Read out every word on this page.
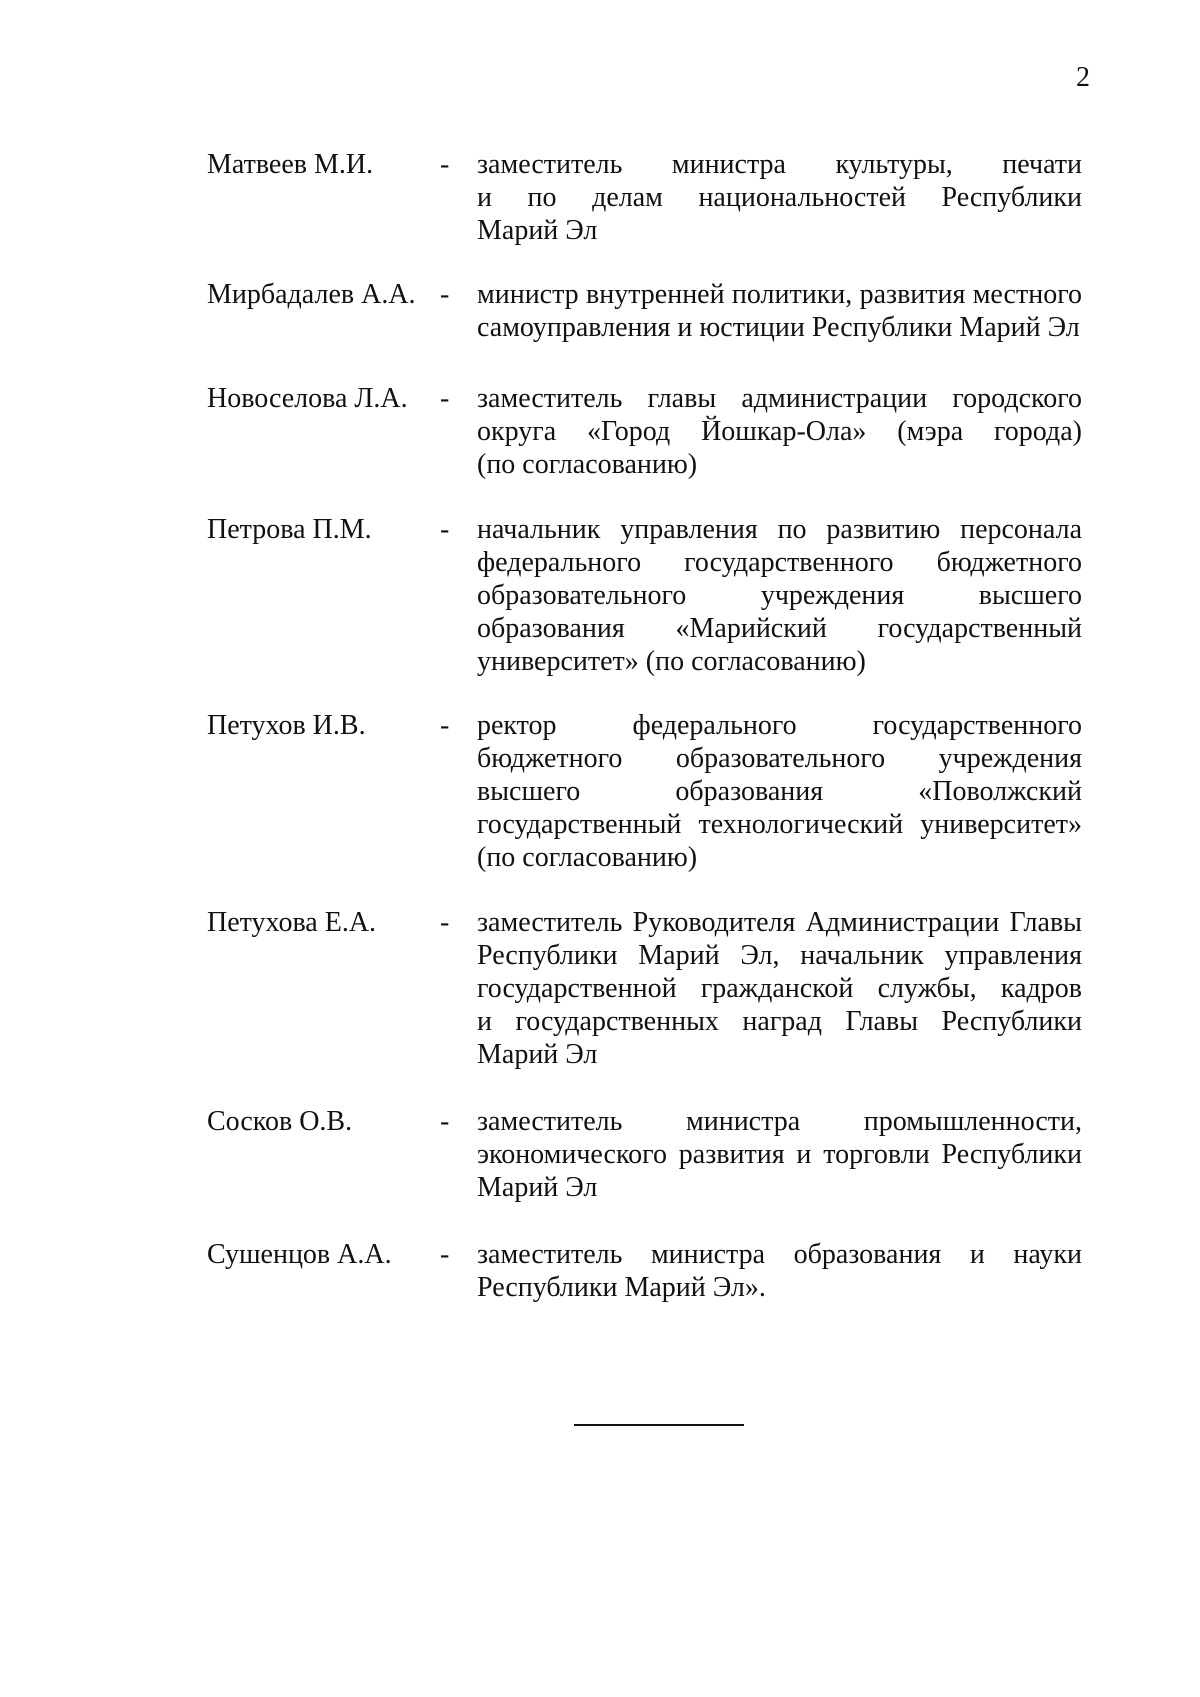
2
Матвеев М.И. - заместитель министра культуры, печати
и по делам национальностей Республики
Марий Эл
Мирбадалев А.А. - министр внутренней политики, развития местного
самоуправления и юстиции Республики Марий Эл
Новоселова Л.А. - заместитель главы администрации городского
округа «Город Йошкар-Ола» (мэра города)
(по согласованию)
Петрова П.М. - начальник управления по развитию персонала
федерального государственного бюджетного
образовательного учреждения высшего
образования «Марийский государственный
университет» (по согласованию)
Петухов И.В.	- ректор федерального государственного
бюджетного образовательного учреждения
высшего образования «Поволжский
государственный технологический университет»
(по согласованию)
Петухова Е.А. - заместитель Руководителя Администрации Главы
Республики Марий Эл, начальник управления
государственной гражданской службы, кадров
и государственных наград Главы Республики
Марий Эл
Сосков О.В.	- заместитель министра промышленности,
экономического развития и торговли Республики
Марий Эл
Сушенцов А.А. - заместитель министра образования и науки
Республики Марий Эл».
